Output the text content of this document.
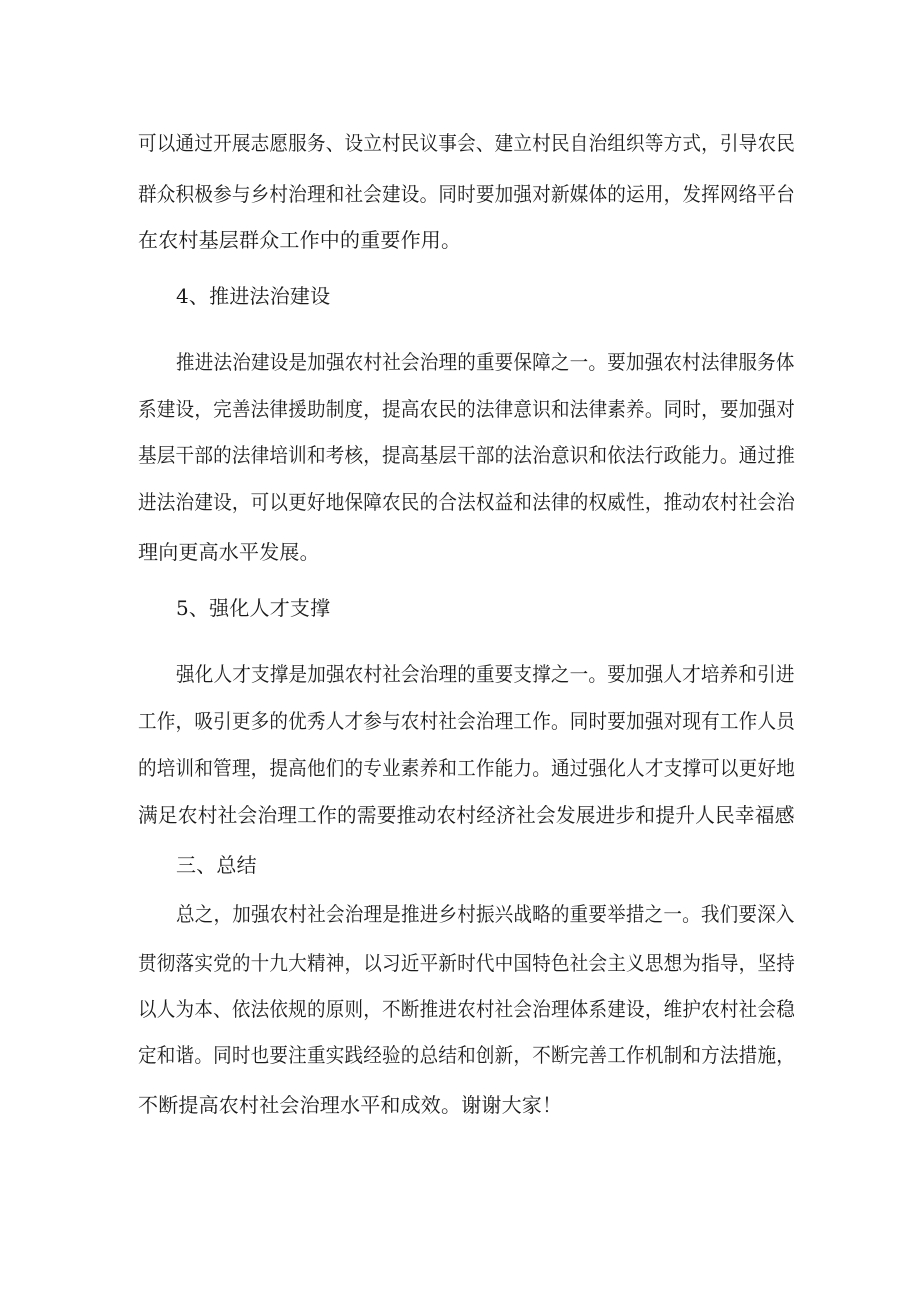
可以通过开展志愿服务、设立村民议事会、建立村民自治组织等方式，引导农民
群众积极参与乡村治理和社会建设。同时要加强对新媒体的运用，发挥网络平台
在农村基层群众工作中的重要作用。
4、推进法治建设
推进法治建设是加强农村社会治理的重要保障之一。要加强农村法律服务体
系建设，完善法律援助制度，提高农民的法律意识和法律素养。同时，要加强对
基层干部的法律培训和考核，提高基层干部的法治意识和依法行政能力。通过推
进法治建设，可以更好地保障农民的合法权益和法律的权威性，推动农村社会治
理向更高水平发展。
5、强化人才支撑
强化人才支撑是加强农村社会治理的重要支撑之一。要加强人才培养和引进
工作，吸引更多的优秀人才参与农村社会治理工作。同时要加强对现有工作人员
的培训和管理，提高他们的专业素养和工作能力。通过强化人才支撑可以更好地
满足农村社会治理工作的需要推动农村经济社会发展进步和提升人民幸福感
三、总结
总之，加强农村社会治理是推进乡村振兴战略的重要举措之一。我们要深入
贯彻落实党的十九大精神，以习近平新时代中国特色社会主义思想为指导，坚持
以人为本、依法依规的原则，不断推进农村社会治理体系建设，维护农村社会稳
定和谐。同时也要注重实践经验的总结和创新，不断完善工作机制和方法措施，
不断提高农村社会治理水平和成效。谢谢大家！
